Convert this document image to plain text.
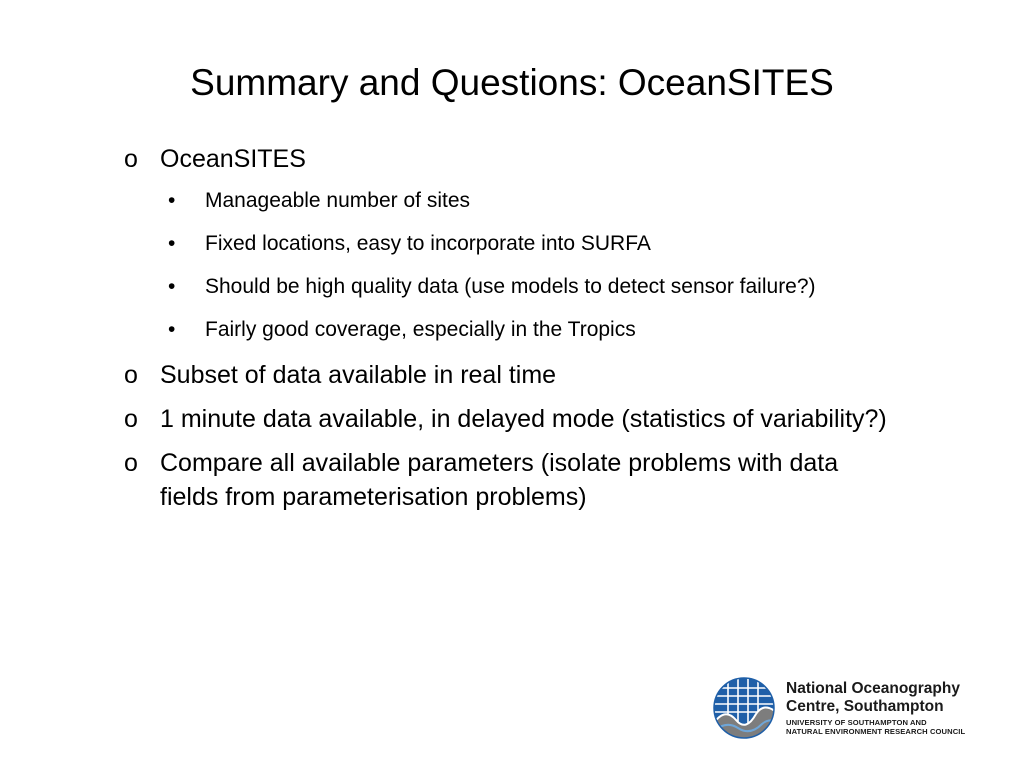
Summary and Questions: OceanSITES
o OceanSITES
• Manageable number of sites
• Fixed locations, easy to incorporate into SURFA
• Should be high quality data (use models to detect sensor failure?)
• Fairly good coverage, especially in the Tropics
o Subset of data available in real time
o 1 minute data available, in delayed mode (statistics of variability?)
o Compare all available parameters (isolate problems with data fields from parameterisation problems)
National Oceanography
Centre, Southampton
UNIVERSITY OF SOUTHAMPTON AND
NATURAL ENVIRONMENT RESEARCH COUNCIL
